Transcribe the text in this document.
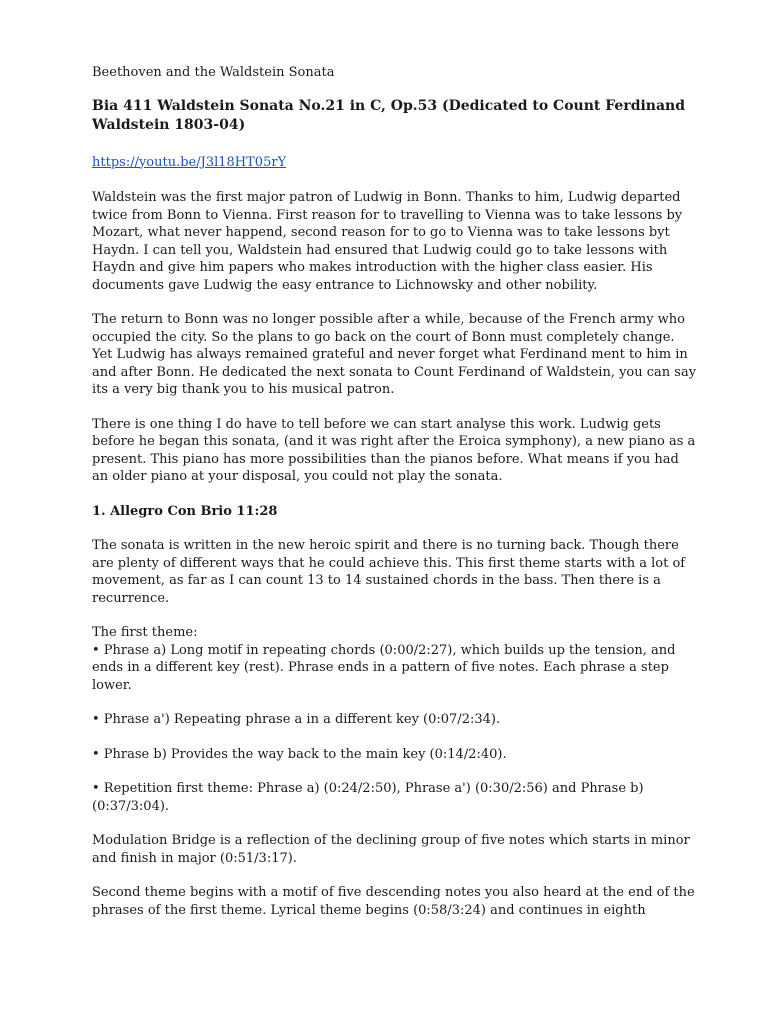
Beethoven and the Waldstein Sonata

Bia 411 Waldstein Sonata No.21 in C, Op.53 (Dedicated to Count Ferdinand Waldstein 1803-04)

https://youtu.be/J3l18HT05rY

Waldstein was the first major patron of Ludwig in Bonn. Thanks to him, Ludwig departed twice from Bonn to Vienna. First reason for to travelling to Vienna was to take lessons by Mozart, what never happend, second reason for to go to Vienna was to take lessons byt Haydn. I can tell you, Waldstein had ensured that Ludwig could go to take lessons with Haydn and give him papers who makes introduction with the higher class easier. His documents gave Ludwig the easy entrance to Lichnowsky and other nobility.

The return to Bonn was no longer possible after a while, because of the French army who occupied the city. So the plans to go back on the court of Bonn must completely change. Yet Ludwig has always remained grateful and never forget what Ferdinand ment to him in and after Bonn. He dedicated the next sonata to Count Ferdinand of Waldstein, you can say its a very big thank you to his musical patron.

There is one thing I do have to tell before we can start analyse this work. Ludwig gets before he began this sonata, (and it was right after the Eroica symphony), a new piano as a present. This piano has more possibilities than the pianos before. What means if you had an older piano at your disposal, you could not play the sonata.

1. Allegro Con Brio 11:28

The sonata is written in the new heroic spirit and there is no turning back. Though there are plenty of different ways that he could achieve this. This first theme starts with a lot of movement, as far as I can count 13 to 14 sustained chords in the bass. Then there is a recurrence.

The first theme:

• Phrase a) Long motif in repeating chords (0:00/2:27), which builds up the tension, and ends in a different key (rest). Phrase ends in a pattern of five notes. Each phrase a step lower.

• Phrase a') Repeating phrase a in a different key (0:07/2:34).

• Phrase b) Provides the way back to the main key (0:14/2:40).

• Repetition first theme: Phrase a) (0:24/2:50), Phrase a') (0:30/2:56) and Phrase b) (0:37/3:04).

Modulation Bridge is a reflection of the declining group of five notes which starts in minor and finish in major (0:51/3:17).

Second theme begins with a motif of five descending notes you also heard at the end of the phrases of the first theme. Lyrical theme begins (0:58/3:24) and continues in eighth
